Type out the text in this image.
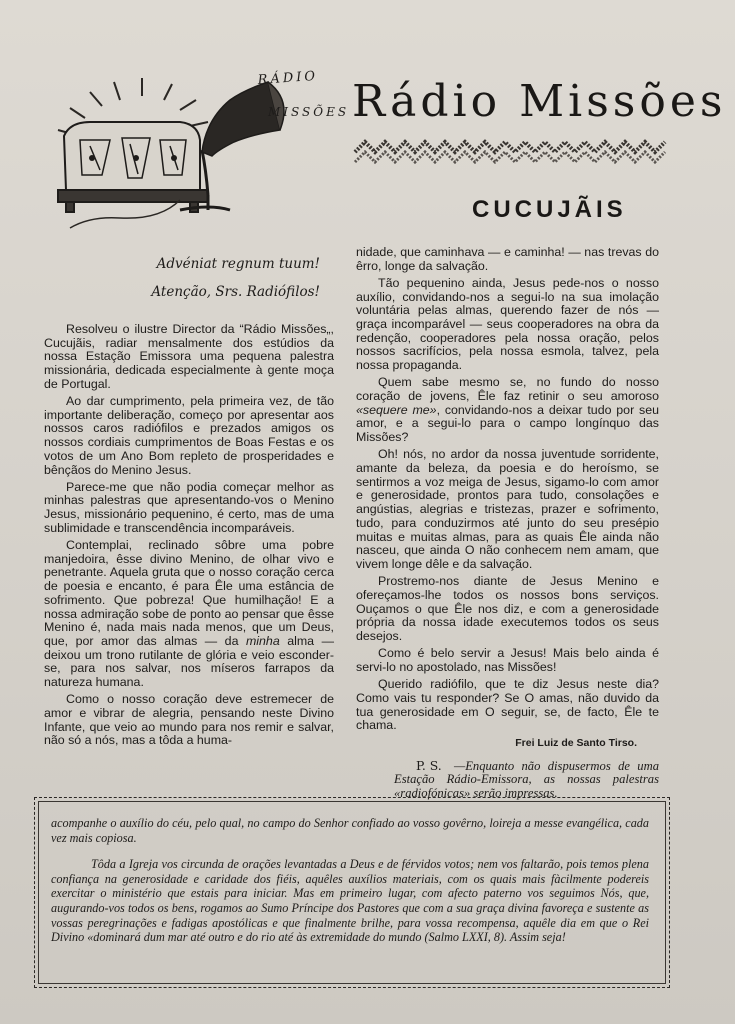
RÁDIO
MISSÕES Rádio Missões
CUCUJÃIS
Advéniat regnum tuum!
Atenção, Srs. Radiófilos!

Resolveu o ilustre Director da “Rádio Missões„, Cucujãis, radiar mensalmente dos estúdios da nossa Estação Emissora uma pequena palestra missionária, dedicada especialmente à gente moça de Portugal.

Ao dar cumprimento, pela primeira vez, de tão importante deliberação, começo por apresentar aos nossos caros radiófilos e prezados amigos os nossos cordiais cumprimentos de Boas Festas e os votos de um Ano Bom repleto de prosperidades e bênçãos do Menino Jesus.

Parece-me que não podia começar melhor as minhas palestras que apresentando-vos o Menino Jesus, missionário pequenino, é certo, mas de uma sublimidade e transcendência incomparáveis.

Contemplai, reclinado sôbre uma pobre manjedoira, êsse divino Menino, de olhar vivo e penetrante. Aquela gruta que o nosso coração cerca de poesia e encanto, é para Êle uma estância de sofrimento. Que pobreza! Que humilhação! E a nossa admiração sobe de ponto ao pensar que êsse Menino é, nada mais nada menos, que um Deus, que, por amor das almas — da minha alma — deixou um trono rutilante de glória e veio esconder-se, para nos salvar, nos míseros farrapos da natureza humana.

Como o nosso coração deve estremecer de amor e vibrar de alegria, pensando neste Divino Infante, que veio ao mundo para nos remir e salvar, não só a nós, mas a tôda a huma-

nidade, que caminhava — e caminha! — nas trevas do êrro, longe da salvação.

Tão pequenino ainda, Jesus pede-nos o nosso auxílio, convidando-nos a segui-lo na sua imolação voluntária pelas almas, querendo fazer de nós — graça incomparável — seus cooperadores na obra da redenção, cooperadores pela nossa oração, pelos nossos sacrifícios, pela nossa esmola, talvez, pela nossa propaganda.

Quem sabe mesmo se, no fundo do nosso coração de jovens, Êle faz retinir o seu amoroso «sequere me», convidando-nos a deixar tudo por seu amor, e a segui-lo para o campo longínquo das Missões?

Oh! nós, no ardor da nossa juventude sorridente, amante da beleza, da poesia e do heroísmo, se sentirmos a voz meiga de Jesus, sigamo-lo com amor e generosidade, prontos para tudo, consolações e angústias, alegrias e tristezas, prazer e sofrimento, tudo, para conduzirmos até junto do seu presépio muitas e muitas almas, para as quais Êle ainda não nasceu, que ainda O não conhecem nem amam, que vivem longe dêle e da salvação.

Prostremo-nos diante de Jesus Menino e ofereçamos-lhe todos os nossos bons serviços. Ouçamos o que Êle nos diz, e com a generosidade própria da nossa idade executemos todos os seus desejos.

Como é belo servir a Jesus! Mais belo ainda é servi-lo no apostolado, nas Missões!

Querido radiófilo, que te diz Jesus neste dia? Como vais tu responder? Se O amas, não duvido da tua generosidade em O seguir, se, de facto, Êle te chama.

Frei Luiz de Santo Tirso.

P. S. —Enquanto não dispusermos de uma Estação Rádio-Emissora, as nossas palestras «radiofónicas» serão impressas.

acompanhe o auxílio do céu, pelo qual, no campo do Senhor confiado ao vosso govêrno, loireja a messe evangélica, cada vez mais copiosa.

Tôda a Igreja vos circunda de orações levantadas a Deus e de férvidos votos; nem vos faltarão, pois temos plena confiança na generosidade e caridade dos fiéis, aquêles auxílios materiais, com os quais mais fàcilmente podereis exercitar o ministério que estais para iniciar. Mas em primeiro lugar, com afecto paterno vos seguimos Nós, que, augurando-vos todos os bens, rogamos ao Sumo Príncipe dos Pastores que com a sua graça divina favoreça e sustente as vossas peregrinações e fadigas apostólicas e que finalmente brilhe, para vossa recompensa, aquêle dia em que o Rei Divino «dominará dum mar até outro e do rio até às extremidade do mundo (Salmo LXXI, 8). Assim seja!
